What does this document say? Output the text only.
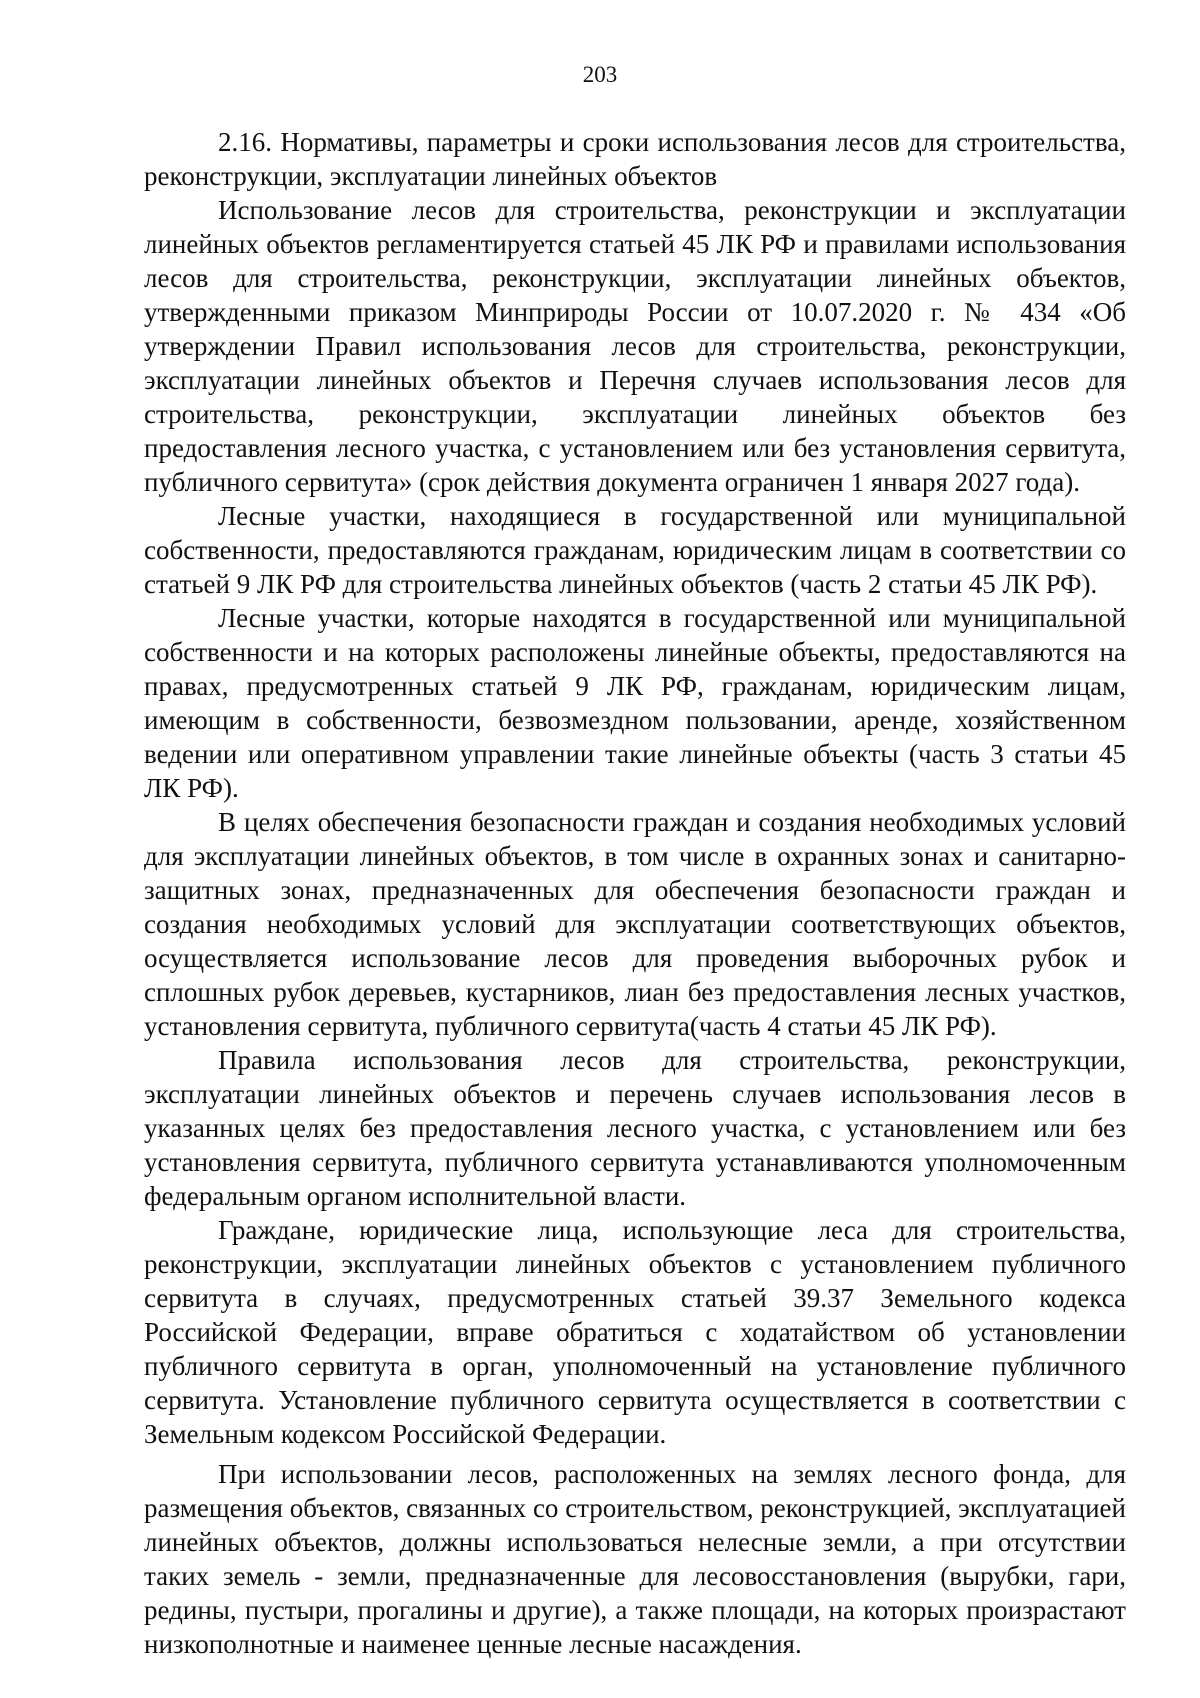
203

2.16. Нормативы, параметры и сроки использования лесов для строительства, реконструкции, эксплуатации линейных объектов

Использование лесов для строительства, реконструкции и эксплуатации линейных объектов регламентируется статьей 45 ЛК РФ и правилами использования лесов для строительства, реконструкции, эксплуатации линейных объектов, утвержденными приказом Минприроды России от 10.07.2020 г. № 434 «Об утверждении Правил использования лесов для строительства, реконструкции, эксплуатации линейных объектов и Перечня случаев использования лесов для строительства, реконструкции, эксплуатации линейных объектов без предоставления лесного участка, с установлением или без установления сервитута, публичного сервитута» (срок действия документа ограничен 1 января 2027 года).

Лесные участки, находящиеся в государственной или муниципальной собственности, предоставляются гражданам, юридическим лицам в соответствии со статьей 9 ЛК РФ для строительства линейных объектов (часть 2 статьи 45 ЛК РФ).

Лесные участки, которые находятся в государственной или муниципальной собственности и на которых расположены линейные объекты, предоставляются на правах, предусмотренных статьей 9 ЛК РФ, гражданам, юридическим лицам, имеющим в собственности, безвозмездном пользовании, аренде, хозяйственном ведении или оперативном управлении такие линейные объекты (часть 3 статьи 45 ЛК РФ).

В целях обеспечения безопасности граждан и создания необходимых условий для эксплуатации линейных объектов, в том числе в охранных зонах и санитарно-защитных зонах, предназначенных для обеспечения безопасности граждан и создания необходимых условий для эксплуатации соответствующих объектов, осуществляется использование лесов для проведения выборочных рубок и сплошных рубок деревьев, кустарников, лиан без предоставления лесных участков, установления сервитута, публичного сервитута(часть 4 статьи 45 ЛК РФ).

Правила использования лесов для строительства, реконструкции, эксплуатации линейных объектов и перечень случаев использования лесов в указанных целях без предоставления лесного участка, с установлением или без установления сервитута, публичного сервитута устанавливаются уполномоченным федеральным органом исполнительной власти.

Граждане, юридические лица, использующие леса для строительства, реконструкции, эксплуатации линейных объектов с установлением публичного сервитута в случаях, предусмотренных статьей 39.37 Земельного кодекса Российской Федерации, вправе обратиться с ходатайством об установлении публичного сервитута в орган, уполномоченный на установление публичного сервитута. Установление публичного сервитута осуществляется в соответствии с Земельным кодексом Российской Федерации.

При использовании лесов, расположенных на землях лесного фонда, для размещения объектов, связанных со строительством, реконструкцией, эксплуатацией линейных объектов, должны использоваться нелесные земли, а при отсутствии таких земель - земли, предназначенные для лесовосстановления (вырубки, гари, редины, пустыри, прогалины и другие), а также площади, на которых произрастают низкополнотные и наименее ценные лесные насаждения.
